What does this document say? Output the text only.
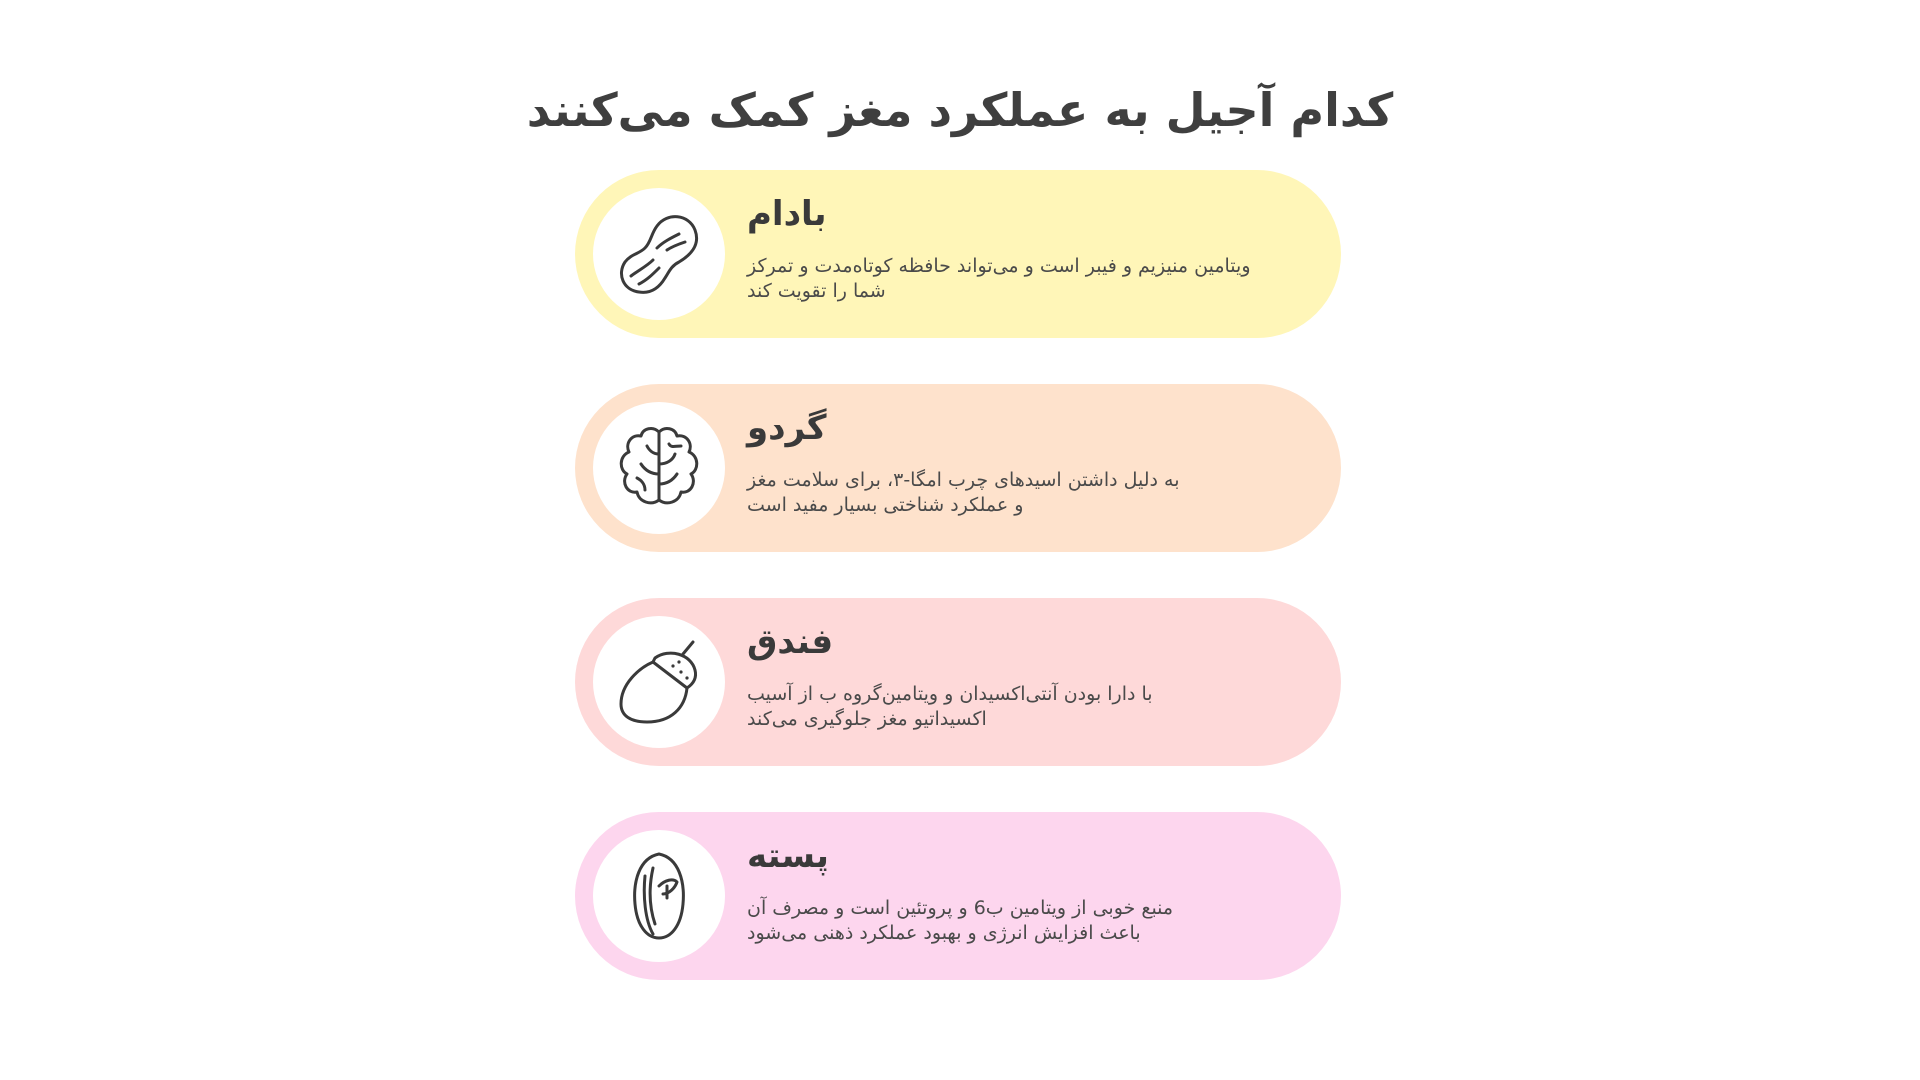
کدام آجیل به عملکرد مغز کمک می‌کنند
بادام
ویتامین منیزیم و فیبر است و می‌تواند حافظه کوتاه‌مدت و تمرکز
شما را تقویت کند
گردو
به دلیل داشتن اسیدهای چرب امگا-۳، برای سلامت مغز
و عملکرد شناختی بسیار مفید است
فندق
با دارا بودن آنتی‌اکسیدان و ویتامین‌گروه ب از آسیب
اکسیداتیو مغز جلوگیری می‌کند
پسته
منبع خوبی از ویتامین ب6 و پروتئین است و مصرف آن
باعث افزایش انرژی و بهبود عملکرد ذهنی می‌شود
